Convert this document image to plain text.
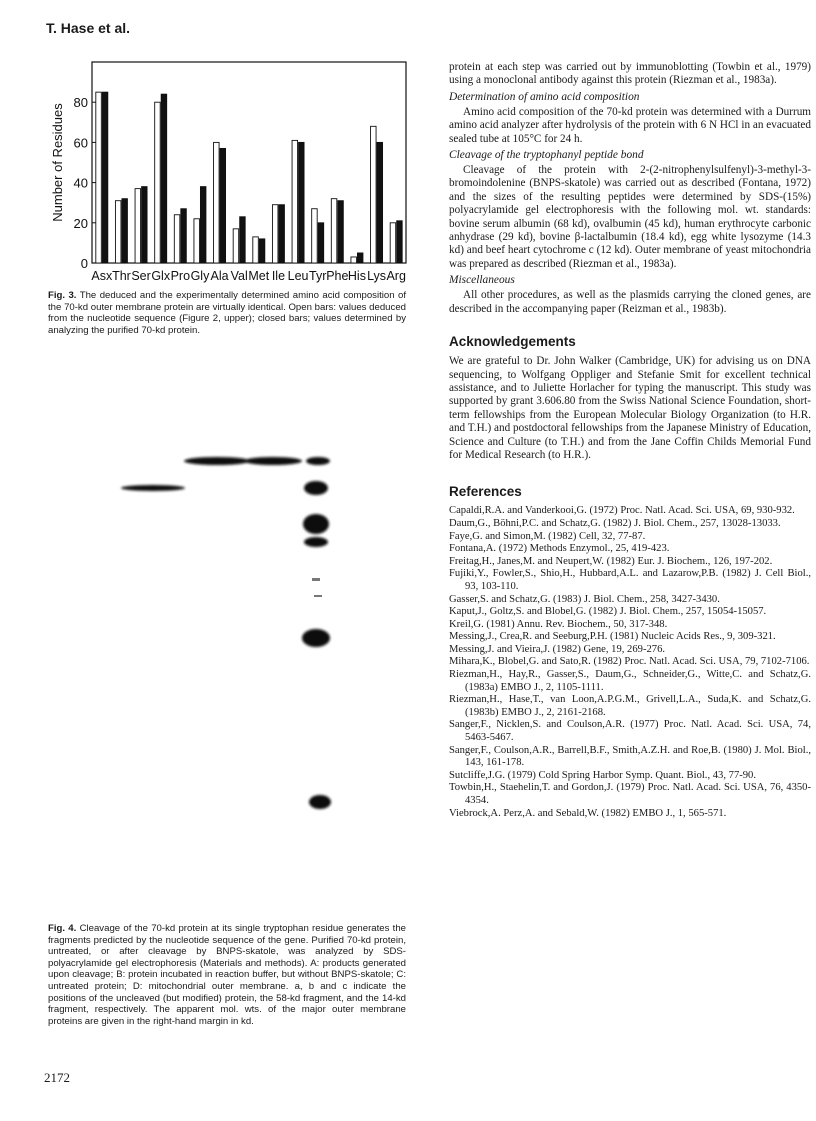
T. Hase et al.
0
20
40
60
80
Number of Residues
Asx Thr Ser Glx Pro Gly Ala Val Met Ile Leu Tyr Phe His Lys Arg
Fig. 3. The deduced and the experimentally determined amino acid composition of the 70-kd outer membrane protein are virtually identical. Open bars: values deduced from the nucleotide sequence (Figure 2, upper); closed bars; values determined by analyzing the purified 70-kd protein.
Fig. 4. Cleavage of the 70-kd protein at its single tryptophan residue generates the fragments predicted by the nucleotide sequence of the gene. Purified 70-kd protein, untreated, or after cleavage by BNPS-skatole, was analyzed by SDS-polyacrylamide gel electrophoresis (Materials and methods). A: products generated upon cleavage; B: protein incubated in reaction buffer, but without BNPS-skatole; C: untreated protein; D: mitochondrial outer membrane. a, b and c indicate the positions of the uncleaved (but modified) protein, the 58-kd fragment, and the 14-kd fragment, respectively. The apparent mol. wts. of the major outer membrane proteins are given in the right-hand margin in kd.
2172

protein at each step was carried out by immunoblotting (Towbin et al., 1979) using a monoclonal antibody against this protein (Riezman et al., 1983a).

Determination of amino acid composition

Amino acid composition of the 70-kd protein was determined with a Durrum amino acid analyzer after hydrolysis of the protein with 6 N HCl in an evacuated sealed tube at 105°C for 24 h.

Cleavage of the tryptophanyl peptide bond

Cleavage of the protein with 2-(2-nitrophenylsulfenyl)-3-methyl-3-bromoindolenine (BNPS-skatole) was carried out as described (Fontana, 1972) and the sizes of the resulting peptides were determined by SDS-(15%) polyacrylamide gel electrophoresis with the following mol. wt. standards: bovine serum albumin (68 kd), ovalbumin (45 kd), human erythrocyte carbonic anhydrase (29 kd), bovine β-lactalbumin (18.4 kd), egg white lysozyme (14.3 kd) and beef heart cytochrome c (12 kd). Outer membrane of yeast mitochondria was prepared as described (Riezman et al., 1983a).

Miscellaneous

All other procedures, as well as the plasmids carrying the cloned genes, are described in the accompanying paper (Reizman et al., 1983b).

Acknowledgements

We are grateful to Dr. John Walker (Cambridge, UK) for advising us on DNA sequencing, to Wolfgang Oppliger and Stefanie Smit for excellent technical assistance, and to Juliette Horlacher for typing the manuscript. This study was supported by grant 3.606.80 from the Swiss National Science Foundation, short-term fellowships from the European Molecular Biology Organization (to H.R. and T.H.) and postdoctoral fellowships from the Japanese Ministry of Education, Science and Culture (to T.H.) and from the Jane Coffin Childs Memorial Fund for Medical Research (to H.R.).

References

Capaldi,R.A. and Vanderkooi,G. (1972) Proc. Natl. Acad. Sci. USA, 69, 930-932.

Daum,G., Böhni,P.C. and Schatz,G. (1982) J. Biol. Chem., 257, 13028-13033.

Faye,G. and Simon,M. (1982) Cell, 32, 77-87.

Fontana,A. (1972) Methods Enzymol., 25, 419-423.

Freitag,H., Janes,M. and Neupert,W. (1982) Eur. J. Biochem., 126, 197-202.

Fujiki,Y., Fowler,S., Shio,H., Hubbard,A.L. and Lazarow,P.B. (1982) J. Cell Biol., 93, 103-110.

Gasser,S. and Schatz,G. (1983) J. Biol. Chem., 258, 3427-3430.

Kaput,J., Goltz,S. and Blobel,G. (1982) J. Biol. Chem., 257, 15054-15057.

Kreil,G. (1981) Annu. Rev. Biochem., 50, 317-348.

Messing,J., Crea,R. and Seeburg,P.H. (1981) Nucleic Acids Res., 9, 309-321.

Messing,J. and Vieira,J. (1982) Gene, 19, 269-276.

Mihara,K., Blobel,G. and Sato,R. (1982) Proc. Natl. Acad. Sci. USA, 79, 7102-7106.

Riezman,H., Hay,R., Gasser,S., Daum,G., Schneider,G., Witte,C. and Schatz,G. (1983a) EMBO J., 2, 1105-1111.

Riezman,H., Hase,T., van Loon,A.P.G.M., Grivell,L.A., Suda,K. and Schatz,G. (1983b) EMBO J., 2, 2161-2168.

Sanger,F., Nicklen,S. and Coulson,A.R. (1977) Proc. Natl. Acad. Sci. USA, 74, 5463-5467.

Sanger,F., Coulson,A.R., Barrell,B.F., Smith,A.Z.H. and Roe,B. (1980) J. Mol. Biol., 143, 161-178.

Sutcliffe,J.G. (1979) Cold Spring Harbor Symp. Quant. Biol., 43, 77-90.

Towbin,H., Staehelin,T. and Gordon,J. (1979) Proc. Natl. Acad. Sci. USA, 76, 4350-4354.

Viebrock,A. Perz,A. and Sebald,W. (1982) EMBO J., 1, 565-571.
